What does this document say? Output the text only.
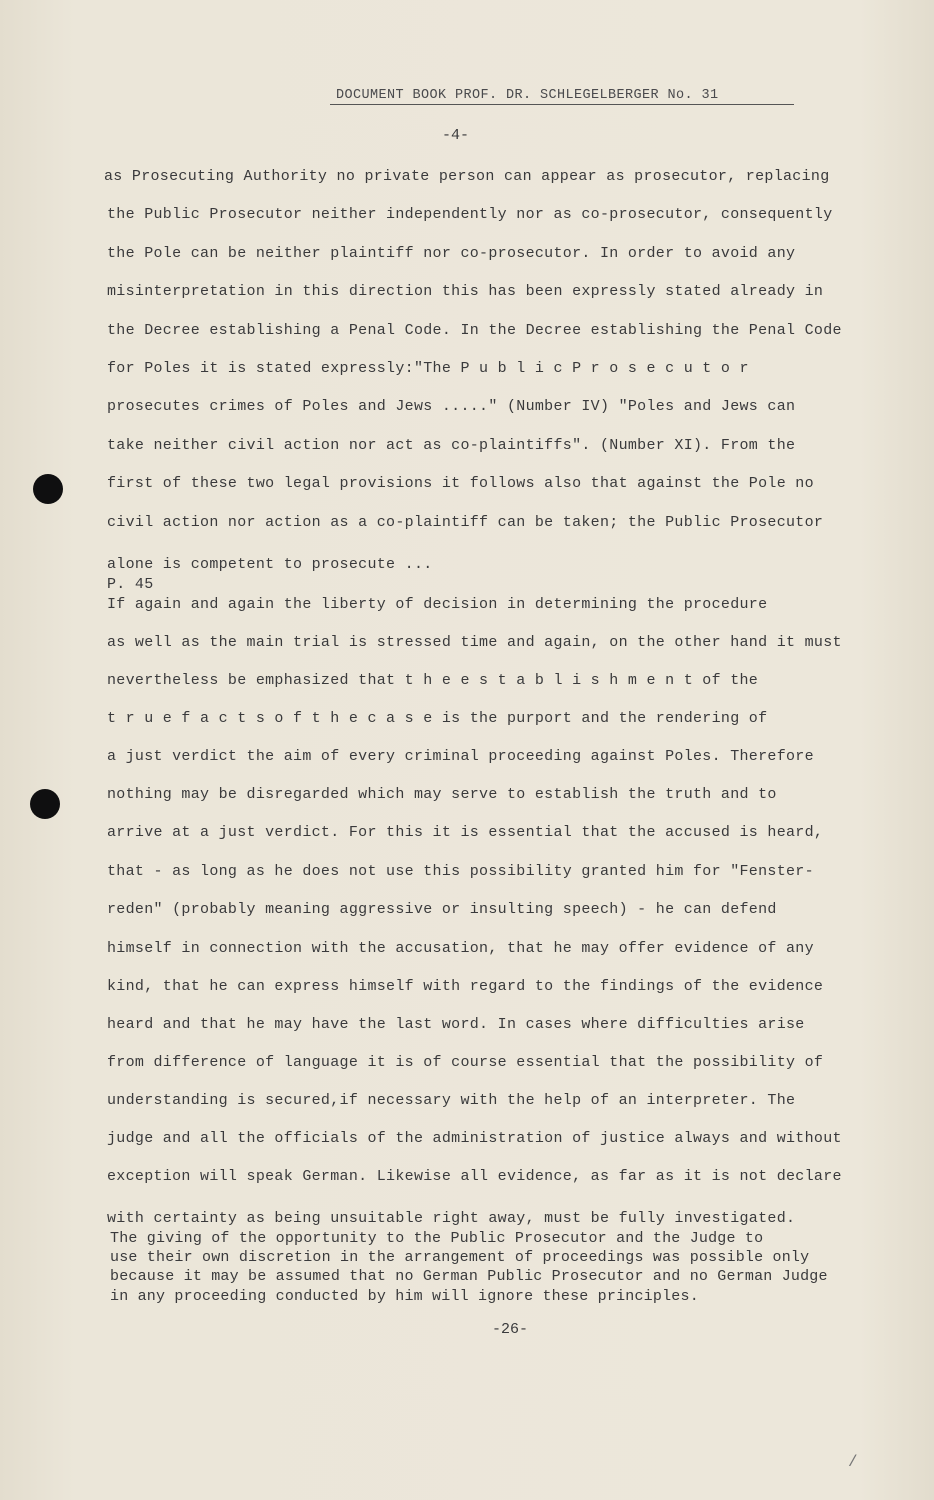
DOCUMENT BOOK PROF. DR. SCHLEGELBERGER No. 31
-4-
as Prosecuting Authority no private person can appear as prosecutor, replacing
the Public Prosecutor neither independently nor as co-prosecutor, consequently
the Pole can be neither plaintiff nor co-prosecutor. In order to avoid any
misinterpretation in this direction this has been expressly stated already in
the Decree establishing a Penal Code. In the Decree establishing the Penal Code
for Poles it is stated expressly:"The P u b l i c P r o s e c u t o r
prosecutes crimes of Poles and Jews ....." (Number IV) "Poles and Jews can
take neither civil action nor act as co-plaintiffs". (Number XI). From the
first of these two legal provisions it follows also that against the Pole no
civil action nor action as a co-plaintiff can be taken; the Public Prosecutor
alone is competent to prosecute ...
P. 45
If again and again the liberty of decision in determining the procedure
as well as the main trial is stressed time and again, on the other hand it must
nevertheless be emphasized that t h e e s t a b l i s h m e n t of the
t r u e f a c t s o f t h e c a s e is the purport and the rendering of
a just verdict the aim of every criminal proceeding against Poles. Therefore
nothing may be disregarded which may serve to establish the truth and to
arrive at a just verdict. For this it is essential that the accused is heard,
that - as long as he does not use this possibility granted him for "Fenster-
reden" (probably meaning aggressive or insulting speech) - he can defend
himself in connection with the accusation, that he may offer evidence of any
kind, that he can express himself with regard to the findings of the evidence
heard and that he may have the last word. In cases where difficulties arise
from difference of language it is of course essential that the possibility of
understanding is secured,if necessary with the help of an interpreter. The
judge and all the officials of the administration of justice always and without
exception will speak German. Likewise all evidence, as far as it is not declare
with certainty as being unsuitable right away, must be fully investigated.
The giving of the opportunity to the Public Prosecutor and the Judge to
use their own discretion in the arrangement of proceedings was possible only
because it may be assumed that no German Public Prosecutor and no German Judge
in any proceeding conducted by him will ignore these principles.
-26-
/
